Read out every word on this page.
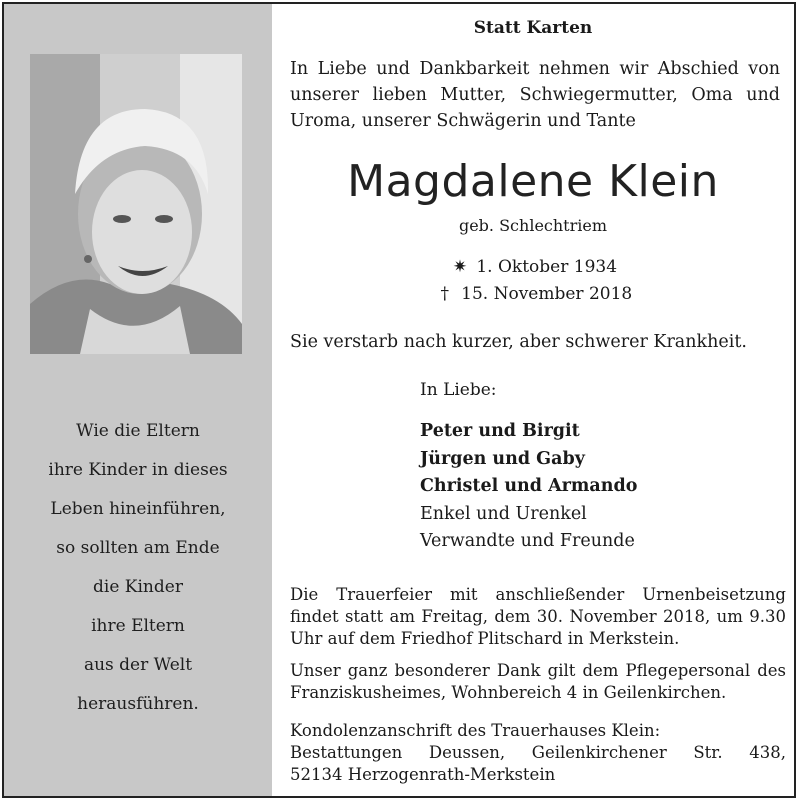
Wie die Eltern
ihre Kinder in dieses
Leben hineinführen,
so sollten am Ende
die Kinder
ihre Eltern
aus der Welt
herausführen.
Statt Karten
In Liebe und Dankbarkeit nehmen wir Abschied von unserer lieben Mutter, Schwiegermutter, Oma und Uroma, unserer Schwägerin und Tante
Magdalene Klein
geb. Schlechtriem
✷ 1. Oktober 1934
† 15. November 2018
Sie verstarb nach kurzer, aber schwerer Krankheit.
In Liebe:
Peter und Birgit
Jürgen und Gaby
Christel und Armando
Enkel und Urenkel
Verwandte und Freunde
Die Trauerfeier mit anschließender Urnenbeisetzung findet statt am Freitag, dem 30. November 2018, um 9.30 Uhr auf dem Friedhof Plitschard in Merkstein.
Unser ganz besonderer Dank gilt dem Pflegepersonal des Franziskusheimes, Wohnbereich 4 in Geilenkirchen.
Kondolenzanschrift des Trauerhauses Klein:
Bestattungen Deussen, Geilenkirchener Str. 438,
52134 Herzogenrath-Merkstein
